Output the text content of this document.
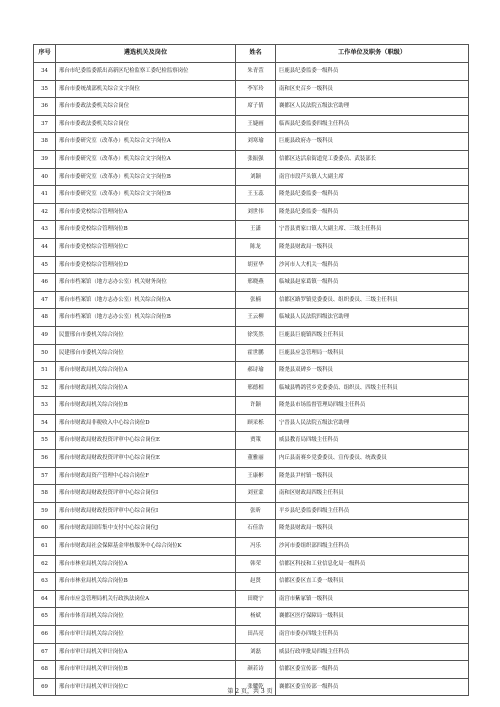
序号	遴选机关及岗位	姓名	工作单位及职务（职级）
34	邢台市纪委监委派出高新区纪检监察工委纪检监察岗位	朱青萱	巨鹿县纪委监委一级科员
35	邢台市委统战部机关综合文字岗位	李军玲	南和区史召乡一级科员
36	邢台市委政法委机关综合岗位	席子倩	襄都区人民法院五级法官助理
37	邢台市委政法委机关综合岗位	王婕画	临西县纪委监委四级主任科员
38	邢台市委研究室（改革办）机关综合文字岗位A	刘寒瑜	巨鹿县政府办一级科员
39	邢台市委研究室（改革办）机关综合文字岗位A	张振强	信都区达活泉街道党工委委员、武装部长
40	邢台市委研究室（改革办）机关综合文字岗位B	刘颖	南宫市段芦头镇人大副主席
41	邢台市委研究室（改革办）机关综合文字岗位B	王玉蕊	隆尧县纪委监委一级科员
42	邢台市委党校综合管理岗位A	刘世伟	隆尧县纪委监委一级科员
43	邢台市委党校综合管理岗位B	王潇	宁晋县贾家口镇人大副主席、三级主任科员
44	邢台市委党校综合管理岗位C	陈龙	隆尧县财政局一级科员
45	邢台市委党校综合管理岗位D	胡亚华	沙河市人大机关一级科员
46	邢台市档案馆（地方志办公室）机关财务岗位	邢晓燕	临城县赵家葛镇一级科员
47	邢台市档案馆（地方志办公室）机关综合岗位A	张楠	信都区路罗镇党委委员、组织委员、三级主任科员
48	邢台市档案馆（地方志办公室）机关综合岗位B	王云柳	临城县人民法院四级法官助理
49	民盟邢台市委机关综合岗位	徐笑然	巨鹿县巨鹿镇四级主任科员
50	民建邢台市委机关综合岗位	霍世鹏	巨鹿县应急管理局一级科员
51	邢台市财政局机关综合岗位A	郝诗瑜	隆尧县双碑乡一级科员
52	邢台市财政局机关综合岗位A	邢德相	临城县鸭鸽营乡党委委员、组织员、四级主任科员
53	邢台市财政局机关综合岗位B	许颖	隆尧县市场监督管理局四级主任科员
54	邢台市财政局非税收入中心综合岗位D	顾采栎	宁晋县人民法院五级法官助理
55	邢台市财政局财政投资评审中心综合岗位E	贾策	威县教育局四级主任科员
56	邢台市财政局财政投资评审中心综合岗位E	董雅丽	内丘县南赛乡党委委员、宣传委员、统战委员
57	邢台市财政局资产管理中心综合岗位F	王康彬	隆尧县尹村镇一级科员
58	邢台市财政局财政投资评审中心综合岗位I	刘亚蒙	南和区财政局四级主任科员
59	邢台市财政局财政投资评审中心综合岗位I	张昕	平乡县纪委监委四级主任科员
60	邢台市财政局国库集中支付中心综合岗位J	石佳浩	隆尧县财政局一级科员
61	邢台市财政局社会保障基金审核服务中心综合岗位K	冯乐	沙河市委组织部四级主任科员
62	邢台市林业局机关综合岗位A	韩荣	信都区科技和工业信息化局一级科员
63	邢台市林业局机关综合岗位B	赵贤	信都区委区直工委一级科员
64	邢台市应急管理局机关行政执法岗位A	田晓宁	南宫市紫冢镇一级科员
65	邢台市体育局机关综合岗位	杨斌	襄都区医疗保障局一级科员
66	邢台市审计局机关综合岗位	田昌亮	南宫市委办四级主任科员
67	邢台市审计局机关审计岗位A	刘磊	威县行政审批局四级主任科员
68	邢台市审计局机关审计岗位B	颜若诗	信都区委宣传部一级科员
69	邢台市审计局机关审计岗位C	张耀乾	襄都区委宣传部一级科员
第 2 页，共 3 页
